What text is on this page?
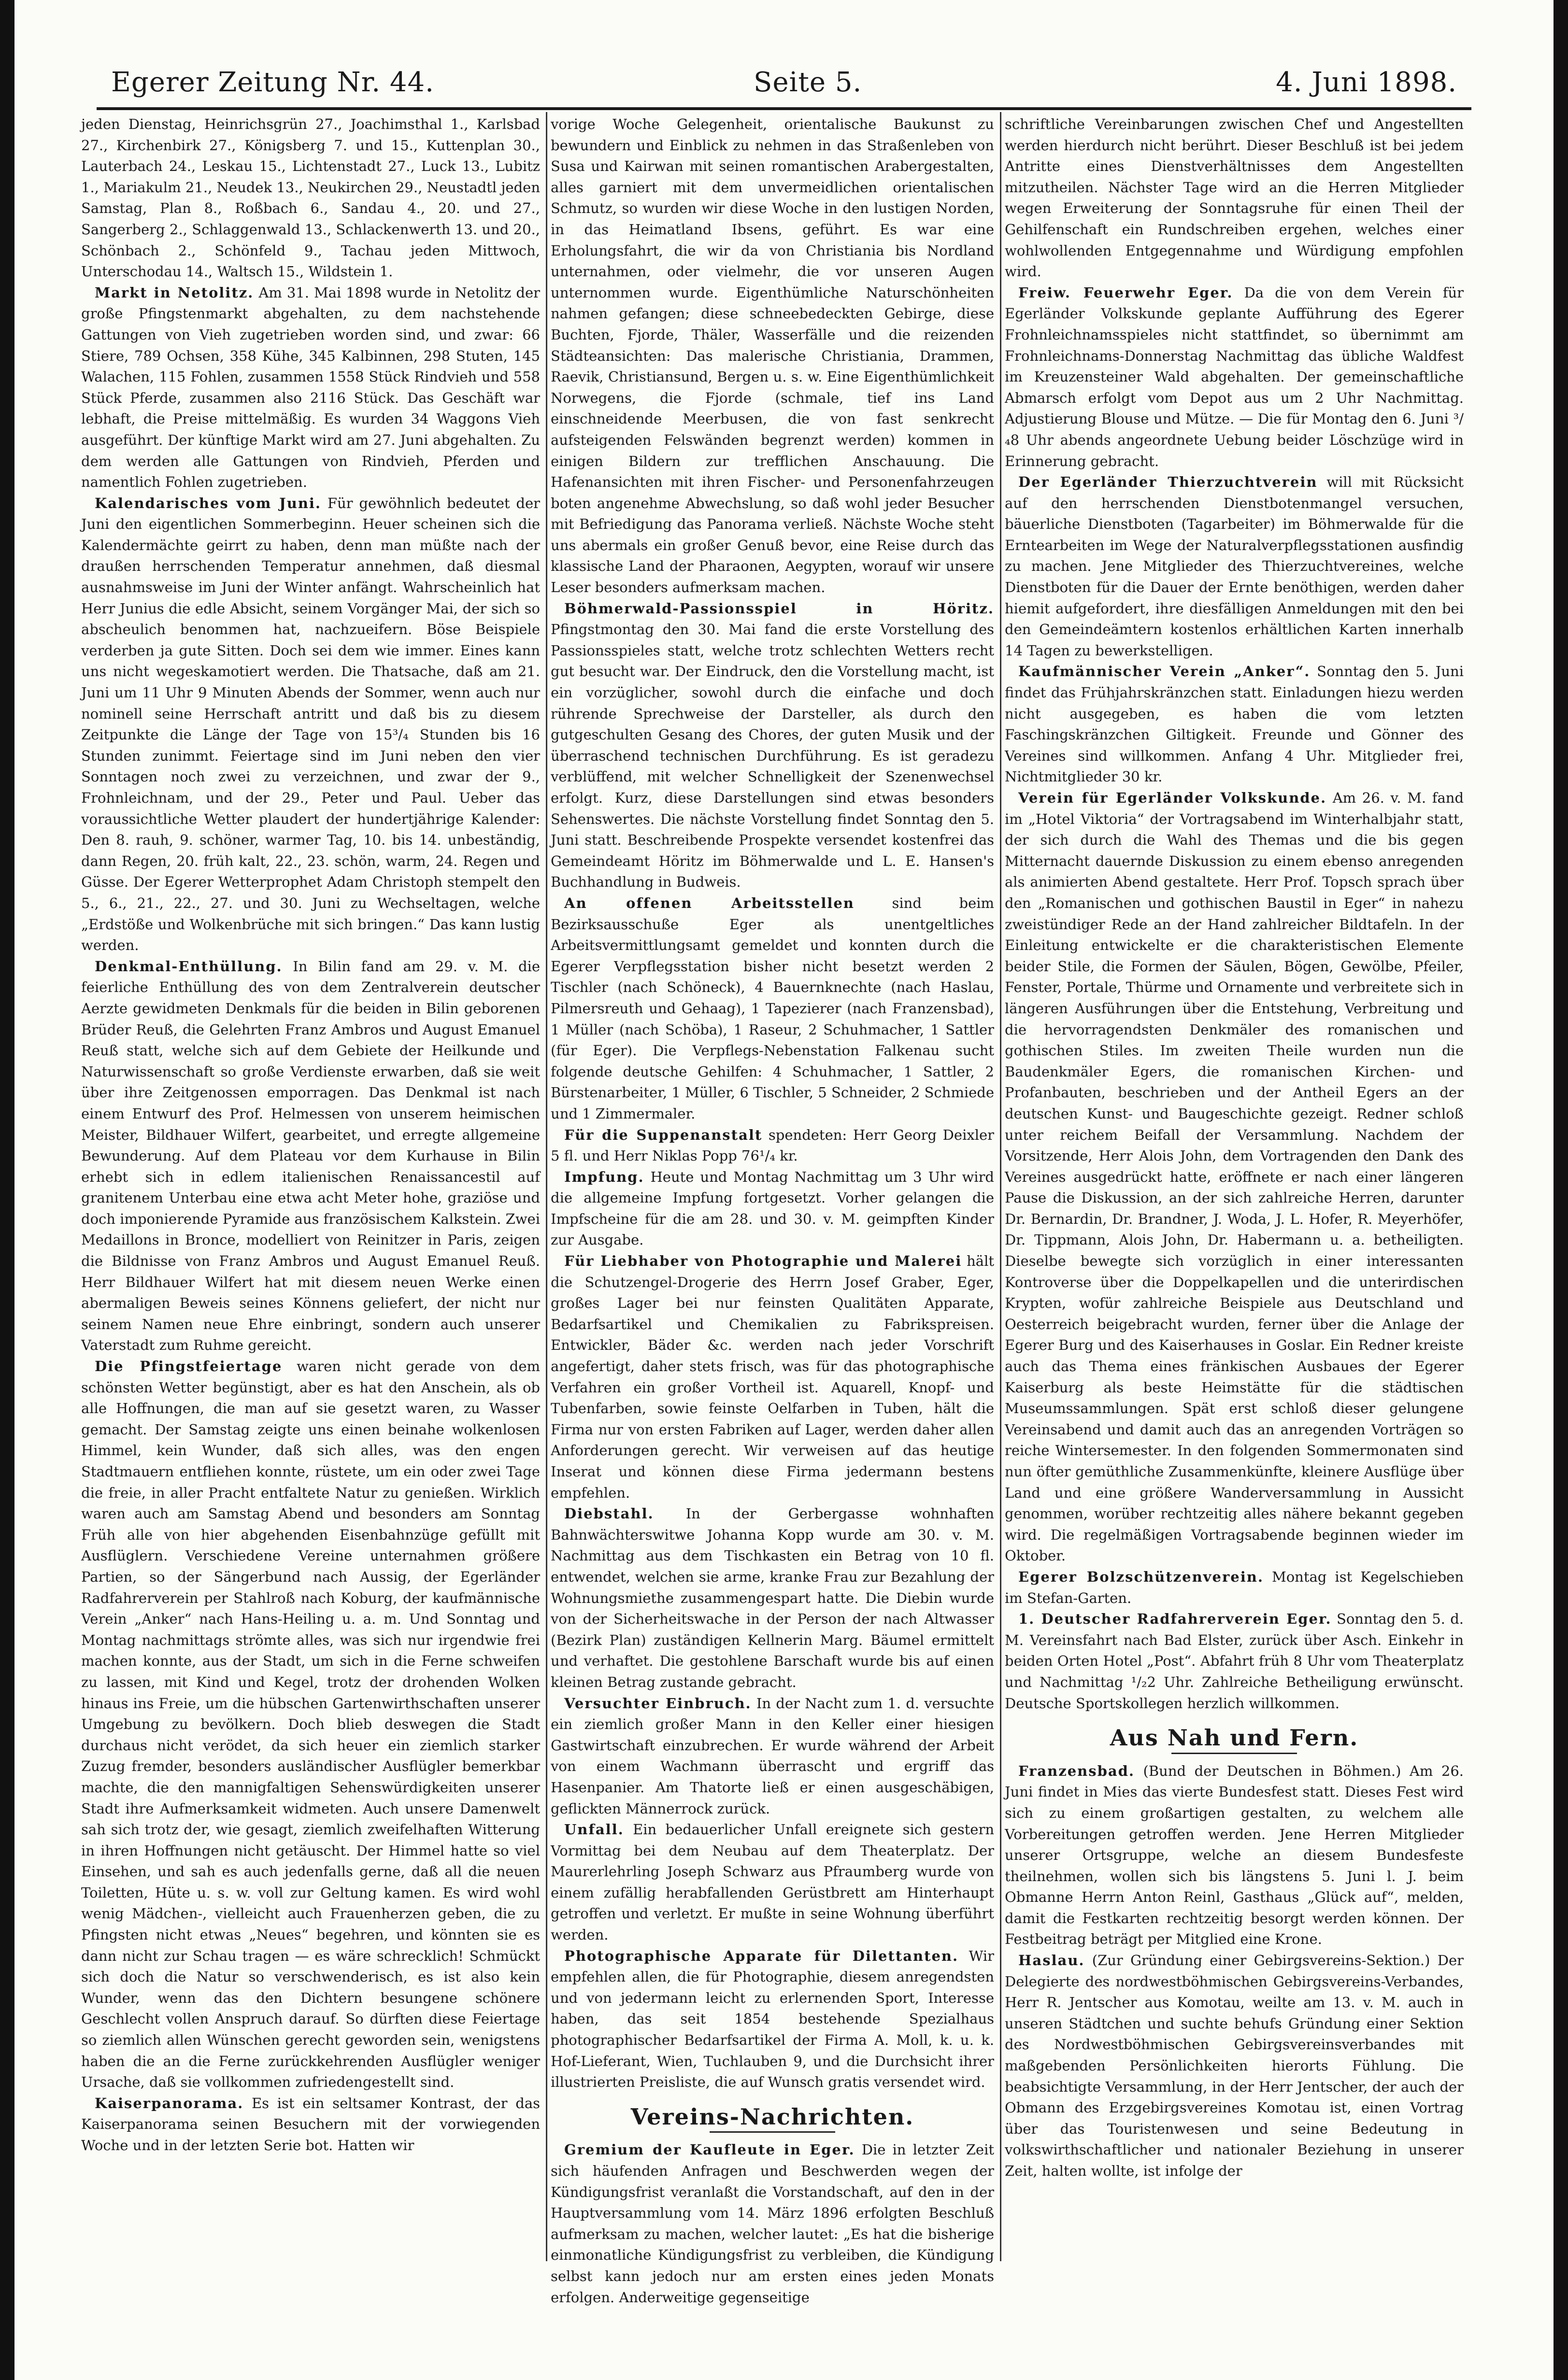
Egerer Zeitung Nr. 44.	Seite 5.	4. Juni 1898.

jeden Dienstag, Heinrichsgrün 27., Joachimsthal 1., Karlsbad 27., Kirchenbirk 27., Königsberg 7. und 15., Kuttenplan 30., Lauterbach 24., Leskau 15., Lichtenstadt 27., Luck 13., Lubitz 1., Mariakulm 21., Neudek 13., Neukirchen 29., Neustadtl jeden Samstag, Plan 8., Roßbach 6., Sandau 4., 20. und 27., Sangerberg 2., Schlaggenwald 13., Schlackenwerth 13. und 20., Schönbach 2., Schönfeld 9., Tachau jeden Mittwoch, Unterschodau 14., Waltsch 15., Wildstein 1.

Markt in Netolitz. Am 31. Mai 1898 wurde in Netolitz der große Pfingstenmarkt abgehalten, zu dem nachstehende Gattungen von Vieh zugetrieben worden sind, und zwar: 66 Stiere, 789 Ochsen, 358 Kühe, 345 Kalbinnen, 298 Stuten, 145 Walachen, 115 Fohlen, zusammen 1558 Stück Rindvieh und 558 Stück Pferde, zusammen also 2116 Stück. Das Geschäft war lebhaft, die Preise mittelmäßig. Es wurden 34 Waggons Vieh ausgeführt. Der künftige Markt wird am 27. Juni abgehalten. Zu dem werden alle Gattungen von Rindvieh, Pferden und namentlich Fohlen zugetrieben.

Kalendarisches vom Juni. Für gewöhnlich bedeutet der Juni den eigentlichen Sommerbeginn. Heuer scheinen sich die Kalendermächte geirrt zu haben, denn man müßte nach der draußen herrschenden Temperatur annehmen, daß diesmal ausnahmsweise im Juni der Winter anfängt. Wahrscheinlich hat Herr Junius die edle Absicht, seinem Vorgänger Mai, der sich so abscheulich benommen hat, nachzueifern. Böse Beispiele verderben ja gute Sitten. Doch sei dem wie immer. Eines kann uns nicht wegeskamotiert werden. Die Thatsache, daß am 21. Juni um 11 Uhr 9 Minuten Abends der Sommer, wenn auch nur nominell seine Herrschaft antritt und daß bis zu diesem Zeitpunkte die Länge der Tage von 15³/₄ Stunden bis 16 Stunden zunimmt. Feiertage sind im Juni neben den vier Sonntagen noch zwei zu verzeichnen, und zwar der 9., Frohnleichnam, und der 29., Peter und Paul. Ueber das voraussichtliche Wetter plaudert der hundertjährige Kalender: Den 8. rauh, 9. schöner, warmer Tag, 10. bis 14. unbeständig, dann Regen, 20. früh kalt, 22., 23. schön, warm, 24. Regen und Güsse. Der Egerer Wetterprophet Adam Christoph stempelt den 5., 6., 21., 22., 27. und 30. Juni zu Wechseltagen, welche „Erdstöße und Wolkenbrüche mit sich bringen.“ Das kann lustig werden.

Denkmal-Enthüllung. In Bilin fand am 29. v. M. die feierliche Enthüllung des von dem Zentralverein deutscher Aerzte gewidmeten Denkmals für die beiden in Bilin geborenen Brüder Reuß, die Gelehrten Franz Ambros und August Emanuel Reuß statt, welche sich auf dem Gebiete der Heilkunde und Naturwissenschaft so große Verdienste erwarben, daß sie weit über ihre Zeitgenossen emporragen. Das Denkmal ist nach einem Entwurf des Prof. Helmessen von unserem heimischen Meister, Bildhauer Wilfert, gearbeitet, und erregte allgemeine Bewunderung. Auf dem Plateau vor dem Kurhause in Bilin erhebt sich in edlem italienischen Renaissancestil auf granitenem Unterbau eine etwa acht Meter hohe, graziöse und doch imponierende Pyramide aus französischem Kalkstein. Zwei Medaillons in Bronce, modelliert von Reinitzer in Paris, zeigen die Bildnisse von Franz Ambros und August Emanuel Reuß. Herr Bildhauer Wilfert hat mit diesem neuen Werke einen abermaligen Beweis seines Könnens geliefert, der nicht nur seinem Namen neue Ehre einbringt, sondern auch unserer Vaterstadt zum Ruhme gereicht.

Die Pfingstfeiertage waren nicht gerade von dem schönsten Wetter begünstigt, aber es hat den Anschein, als ob alle Hoffnungen, die man auf sie gesetzt waren, zu Wasser gemacht. Der Samstag zeigte uns einen beinahe wolkenlosen Himmel, kein Wunder, daß sich alles, was den engen Stadtmauern entfliehen konnte, rüstete, um ein oder zwei Tage die freie, in aller Pracht entfaltete Natur zu genießen. Wirklich waren auch am Samstag Abend und besonders am Sonntag Früh alle von hier abgehenden Eisenbahnzüge gefüllt mit Ausflüglern. Verschiedene Vereine unternahmen größere Partien, so der Sängerbund nach Aussig, der Egerländer Radfahrerverein per Stahlroß nach Koburg, der kaufmännische Verein „Anker“ nach Hans-Heiling u. a. m. Und Sonntag und Montag nachmittags strömte alles, was sich nur irgendwie frei machen konnte, aus der Stadt, um sich in die Ferne schweifen zu lassen, mit Kind und Kegel, trotz der drohenden Wolken hinaus ins Freie, um die hübschen Gartenwirthschaften unserer Umgebung zu bevölkern. Doch blieb deswegen die Stadt durchaus nicht verödet, da sich heuer ein ziemlich starker Zuzug fremder, besonders ausländischer Ausflügler bemerkbar machte, die den mannigfaltigen Sehenswürdigkeiten unserer Stadt ihre Aufmerksamkeit widmeten. Auch unsere Damenwelt sah sich trotz der, wie gesagt, ziemlich zweifelhaften Witterung in ihren Hoffnungen nicht getäuscht. Der Himmel hatte so viel Einsehen, und sah es auch jedenfalls gerne, daß all die neuen Toiletten, Hüte u. s. w. voll zur Geltung kamen. Es wird wohl wenig Mädchen-, vielleicht auch Frauenherzen geben, die zu Pfingsten nicht etwas „Neues“ begehren, und könnten sie es dann nicht zur Schau tragen — es wäre schrecklich! Schmückt sich doch die Natur so verschwenderisch, es ist also kein Wunder, wenn das den Dichtern besungene schönere Geschlecht vollen Anspruch darauf. So dürften diese Feiertage so ziemlich allen Wünschen gerecht geworden sein, wenigstens haben die an die Ferne zurückkehrenden Ausflügler weniger Ursache, daß sie vollkommen zufriedengestellt sind.

Kaiserpanorama. Es ist ein seltsamer Kontrast, der das Kaiserpanorama seinen Besuchern mit der vorwiegenden Woche und in der letzten Serie bot. Hatten wir

vorige Woche Gelegenheit, orientalische Baukunst zu bewundern und Einblick zu nehmen in das Straßenleben von Susa und Kairwan mit seinen romantischen Arabergestalten, alles garniert mit dem unvermeidlichen orientalischen Schmutz, so wurden wir diese Woche in den lustigen Norden, in das Heimatland Ibsens, geführt. Es war eine Erholungsfahrt, die wir da von Christiania bis Nordland unternahmen, oder vielmehr, die vor unseren Augen unternommen wurde. Eigenthümliche Naturschönheiten nahmen gefangen; diese schneebedeckten Gebirge, diese Buchten, Fjorde, Thäler, Wasserfälle und die reizenden Städteansichten: Das malerische Christiania, Drammen, Raevik, Christiansund, Bergen u. s. w. Eine Eigenthümlichkeit Norwegens, die Fjorde (schmale, tief ins Land einschneidende Meerbusen, die von fast senkrecht aufsteigenden Felswänden begrenzt werden) kommen in einigen Bildern zur trefflichen Anschauung. Die Hafenansichten mit ihren Fischer- und Personenfahrzeugen boten angenehme Abwechslung, so daß wohl jeder Besucher mit Befriedigung das Panorama verließ. Nächste Woche steht uns abermals ein großer Genuß bevor, eine Reise durch das klassische Land der Pharaonen, Aegypten, worauf wir unsere Leser besonders aufmerksam machen.

Böhmerwald-Passionsspiel in Höritz. Pfingstmontag den 30. Mai fand die erste Vorstellung des Passionsspieles statt, welche trotz schlechten Wetters recht gut besucht war. Der Eindruck, den die Vorstellung macht, ist ein vorzüglicher, sowohl durch die einfache und doch rührende Sprechweise der Darsteller, als durch den gutgeschulten Gesang des Chores, der guten Musik und der überraschend technischen Durchführung. Es ist geradezu verblüffend, mit welcher Schnelligkeit der Szenenwechsel erfolgt. Kurz, diese Darstellungen sind etwas besonders Sehenswertes. Die nächste Vorstellung findet Sonntag den 5. Juni statt. Beschreibende Prospekte versendet kostenfrei das Gemeindeamt Höritz im Böhmerwalde und L. E. Hansen's Buchhandlung in Budweis.

An offenen Arbeitsstellen	sind beim Bezirksausschuße Eger als unentgeltliches Arbeitsvermittlungsamt gemeldet und konnten durch die Egerer Verpflegsstation bisher nicht besetzt werden 2 Tischler (nach Schöneck), 4 Bauernknechte (nach Haslau, Pilmersreuth und Gehaag), 1 Tapezierer (nach Franzensbad), 1 Müller (nach Schöba), 1 Raseur, 2 Schuhmacher, 1 Sattler (für Eger). Die Verpflegs-Nebenstation Falkenau sucht folgende deutsche Gehilfen: 4 Schuhmacher, 1 Sattler, 2 Bürstenarbeiter, 1 Müller, 6 Tischler, 5 Schneider, 2 Schmiede und 1 Zimmermaler.

Für die Suppenanstalt spendeten: Herr Georg Deixler 5 fl. und Herr Niklas Popp 76¹/₄ kr.

Impfung. Heute und Montag Nachmittag um 3 Uhr wird die allgemeine Impfung fortgesetzt. Vorher gelangen die Impfscheine für die am 28. und 30. v. M. geimpften Kinder zur Ausgabe.

Für Liebhaber von Photographie und Malerei hält die Schutzengel-Drogerie des Herrn Josef Graber, Eger, großes Lager bei nur feinsten Qualitäten Apparate, Bedarfsartikel und Chemikalien zu Fabrikspreisen. Entwickler, Bäder &c. werden nach jeder Vorschrift angefertigt, daher stets frisch, was für das photographische Verfahren ein großer Vortheil ist. Aquarell, Knopf- und Tubenfarben, sowie feinste Oelfarben in Tuben, hält die Firma nur von ersten Fabriken auf Lager, werden daher allen Anforderungen gerecht. Wir verweisen auf das heutige Inserat und können diese Firma jedermann bestens empfehlen.

Diebstahl. In der Gerbergasse wohnhaften Bahnwächterswitwe Johanna Kopp wurde am 30. v. M. Nachmittag aus dem Tischkasten ein Betrag von 10 fl. entwendet, welchen sie arme, kranke Frau zur Bezahlung der Wohnungsmiethe zusammengespart hatte. Die Diebin wurde von der Sicherheitswache in der Person der nach Altwasser (Bezirk Plan) zuständigen Kellnerin Marg. Bäumel ermittelt und verhaftet. Die gestohlene Barschaft wurde bis auf einen kleinen Betrag zustande gebracht.

Versuchter Einbruch. In der Nacht zum 1. d. versuchte ein ziemlich großer Mann in den Keller einer hiesigen Gastwirtschaft einzubrechen. Er wurde während der Arbeit von einem Wachmann überrascht und ergriff das Hasenpanier. Am Thatorte ließ er einen ausgeschäbigen, geflickten Männerrock zurück.

Unfall. Ein bedauerlicher Unfall ereignete sich gestern Vormittag bei dem Neubau auf dem Theaterplatz. Der Maurerlehrling Joseph Schwarz aus Pfraumberg wurde von einem zufällig herabfallenden Gerüstbrett am Hinterhaupt getroffen und verletzt. Er mußte in seine Wohnung überführt werden.

Photographische Apparate für Dilettanten. Wir empfehlen allen, die für Photographie, diesem anregendsten und von jedermann leicht zu erlernenden Sport, Interesse haben, das seit 1854 bestehende Spezialhaus photographischer Bedarfsartikel der Firma A. Moll, k. u. k. Hof-Lieferant, Wien, Tuchlauben 9, und die Durchsicht ihrer illustrierten Preisliste, die auf Wunsch gratis versendet wird.

Vereins-Nachrichten.

Gremium der Kaufleute in Eger. Die in letzter Zeit sich häufenden Anfragen und Beschwerden wegen der Kündigungsfrist veranlaßt die Vorstandschaft, auf den in der Hauptversammlung vom 14. März 1896 erfolgten Beschluß aufmerksam zu machen, welcher lautet: „Es hat die bisherige einmonatliche Kündigungsfrist zu verbleiben, die Kündigung selbst kann jedoch nur am ersten eines jeden Monats erfolgen. Anderweitige gegenseitige

schriftliche Vereinbarungen zwischen Chef und Angestellten werden hierdurch nicht berührt. Dieser Beschluß ist bei jedem Antritte eines Dienstverhältnisses dem Angestellten mitzutheilen. Nächster Tage wird an die Herren Mitglieder wegen Erweiterung der Sonntagsruhe für einen Theil der Gehilfenschaft ein Rundschreiben ergehen, welches einer wohlwollenden Entgegennahme und Würdigung empfohlen wird.

Freiw. Feuerwehr Eger. Da die von dem Verein für Egerländer Volkskunde geplante Aufführung des Egerer Frohnleichnamsspieles nicht stattfindet, so übernimmt am Frohnleichnams-Donnerstag Nachmittag das übliche Waldfest im Kreuzensteiner Wald abgehalten. Der gemeinschaftliche Abmarsch erfolgt vom Depot aus um 2 Uhr Nachmittag. Adjustierung Blouse und Mütze. — Die für Montag den 6. Juni ³/₄8 Uhr abends angeordnete Uebung beider Löschzüge wird in Erinnerung gebracht.

Der Egerländer Thierzuchtverein will mit Rücksicht auf den herrschenden Dienstbotenmangel versuchen, bäuerliche Dienstboten (Tagarbeiter) im Böhmerwalde für die Erntearbeiten im Wege der Naturalverpflegsstationen ausfindig zu machen. Jene Mitglieder des Thierzuchtvereines, welche Dienstboten für die Dauer der Ernte benöthigen, werden daher hiemit aufgefordert, ihre diesfälligen Anmeldungen mit den bei den Gemeindeämtern kostenlos erhältlichen Karten innerhalb 14 Tagen zu bewerkstelligen.

Kaufmännischer Verein „Anker“. Sonntag den 5. Juni findet das Frühjahrskränzchen statt. Einladungen hiezu werden nicht ausgegeben, es haben die vom letzten Faschingskränzchen Giltigkeit. Freunde und Gönner des Vereines sind willkommen. Anfang 4 Uhr. Mitglieder frei, Nichtmitglieder 30 kr.

Verein für Egerländer Volkskunde. Am 26. v. M. fand im „Hotel Viktoria“ der Vortragsabend im Winterhalbjahr statt, der sich durch die Wahl des Themas und die bis gegen Mitternacht dauernde Diskussion zu einem ebenso anregenden als animierten Abend gestaltete. Herr Prof. Topsch sprach über den „Romanischen und gothischen Baustil in Eger“ in nahezu zweistündiger Rede an der Hand zahlreicher Bildtafeln. In der Einleitung entwickelte er die charakteristischen Elemente beider Stile, die Formen der Säulen, Bögen, Gewölbe, Pfeiler, Fenster, Portale, Thürme und Ornamente und verbreitete sich in längeren Ausführungen über die Entstehung, Verbreitung und die hervorragendsten Denkmäler des romanischen und gothischen Stiles. Im zweiten Theile wurden nun die Baudenkmäler Egers, die romanischen Kirchen- und Profanbauten, beschrieben und der Antheil Egers an der deutschen Kunst- und Baugeschichte gezeigt. Redner schloß unter reichem Beifall der Versammlung. Nachdem der Vorsitzende, Herr Alois John, dem Vortragenden den Dank des Vereines ausgedrückt hatte, eröffnete er nach einer längeren Pause die Diskussion, an der sich zahlreiche Herren, darunter Dr. Bernardin, Dr. Brandner, J. Woda, J. L. Hofer, R. Meyerhöfer, Dr. Tippmann, Alois John, Dr. Habermann u. a. betheiligten. Dieselbe bewegte sich vorzüglich in einer interessanten Kontroverse über die Doppelkapellen und die unterirdischen Krypten, wofür zahlreiche Beispiele aus Deutschland und Oesterreich beigebracht wurden, ferner über die Anlage der Egerer Burg und des Kaiserhauses in Goslar. Ein Redner kreiste auch das Thema eines fränkischen Ausbaues der Egerer Kaiserburg als beste Heimstätte für die städtischen Museumssammlungen. Spät erst schloß dieser gelungene Vereinsabend und damit auch das an anregenden Vorträgen so reiche Wintersemester. In den folgenden Sommermonaten sind nun öfter gemüthliche Zusammenkünfte, kleinere Ausflüge über Land und eine größere Wanderversammlung in Aussicht genommen, worüber rechtzeitig alles nähere bekannt gegeben wird. Die regelmäßigen Vortragsabende beginnen wieder im Oktober.

Egerer Bolzschützenverein. Montag ist Kegelschieben im Stefan-Garten.

1. Deutscher Radfahrerverein Eger. Sonntag den 5. d. M. Vereinsfahrt nach Bad Elster, zurück über Asch. Einkehr in beiden Orten Hotel „Post“. Abfahrt früh 8 Uhr vom Theaterplatz und Nachmittag ¹/₂2 Uhr. Zahlreiche Betheiligung erwünscht. Deutsche Sportskollegen herzlich willkommen.

Aus Nah und Fern.

Franzensbad. (Bund der Deutschen in Böhmen.) Am 26. Juni findet in Mies das vierte Bundesfest statt. Dieses Fest wird sich zu einem großartigen gestalten, zu welchem alle Vorbereitungen getroffen werden. Jene Herren Mitglieder unserer Ortsgruppe, welche an diesem Bundesfeste theilnehmen, wollen sich bis längstens 5. Juni l. J. beim Obmanne Herrn Anton Reinl, Gasthaus „Glück auf“, melden, damit die Festkarten rechtzeitig besorgt werden können. Der Festbeitrag beträgt per Mitglied eine Krone.

Haslau. (Zur Gründung einer Gebirgsvereins-Sektion.) Der Delegierte des nordwestböhmischen Gebirgsvereins-Verbandes, Herr R. Jentscher aus Komotau, weilte am 13. v. M. auch in unseren Städtchen und suchte behufs Gründung einer Sektion des Nordwestböhmischen Gebirgsvereinsverbandes mit maßgebenden Persönlichkeiten hierorts Fühlung. Die beabsichtigte Versammlung, in der Herr Jentscher, der auch der Obmann des Erzgebirgsvereines Komotau ist, einen Vortrag über das Touristenwesen und seine Bedeutung in volkswirthschaftlicher und nationaler Beziehung in unserer Zeit, halten wollte, ist infolge der
